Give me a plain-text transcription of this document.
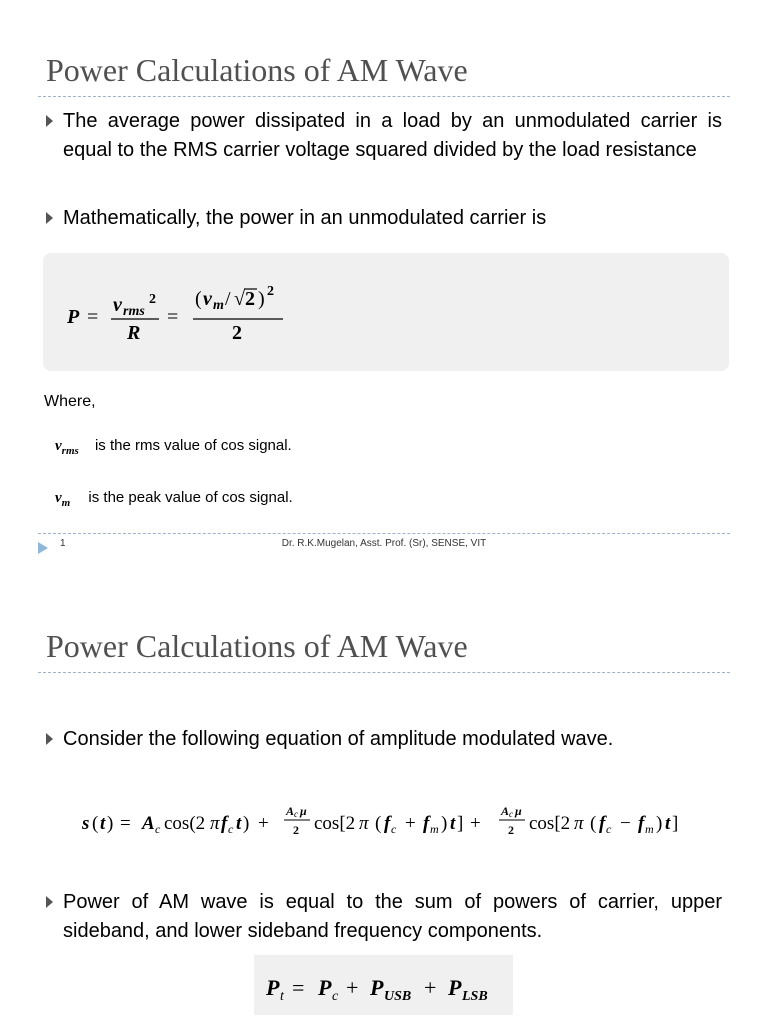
Power Calculations of AM Wave
The average power dissipated in a load by an unmodulated carrier is equal to the RMS carrier voltage squared divided by the load resistance
Mathematically, the power in an unmodulated carrier is
P =
v rms
2
R
=
( v m / √ 2 ) 2
2
Where,
$v_{rms}$ is the rms value of cos signal.
$v_m$ is the peak value of cos signal.
1	Dr. R.K.Mugelan, Asst. Prof. (Sr), SENSE, VIT
Power Calculations of AM Wave
Consider the following equation of amplitude modulated wave.
s ( t ) = A c cos(2 π f c t ) +
A c μ
2 cos[2 π ( f c + f m ) t ] +
A c μ
2 cos[2 π ( f c − f m ) t ]
Power of AM wave is equal to the sum of powers of carrier, upper sideband, and lower sideband frequency components.
P t = P c + P USB + P LSB
